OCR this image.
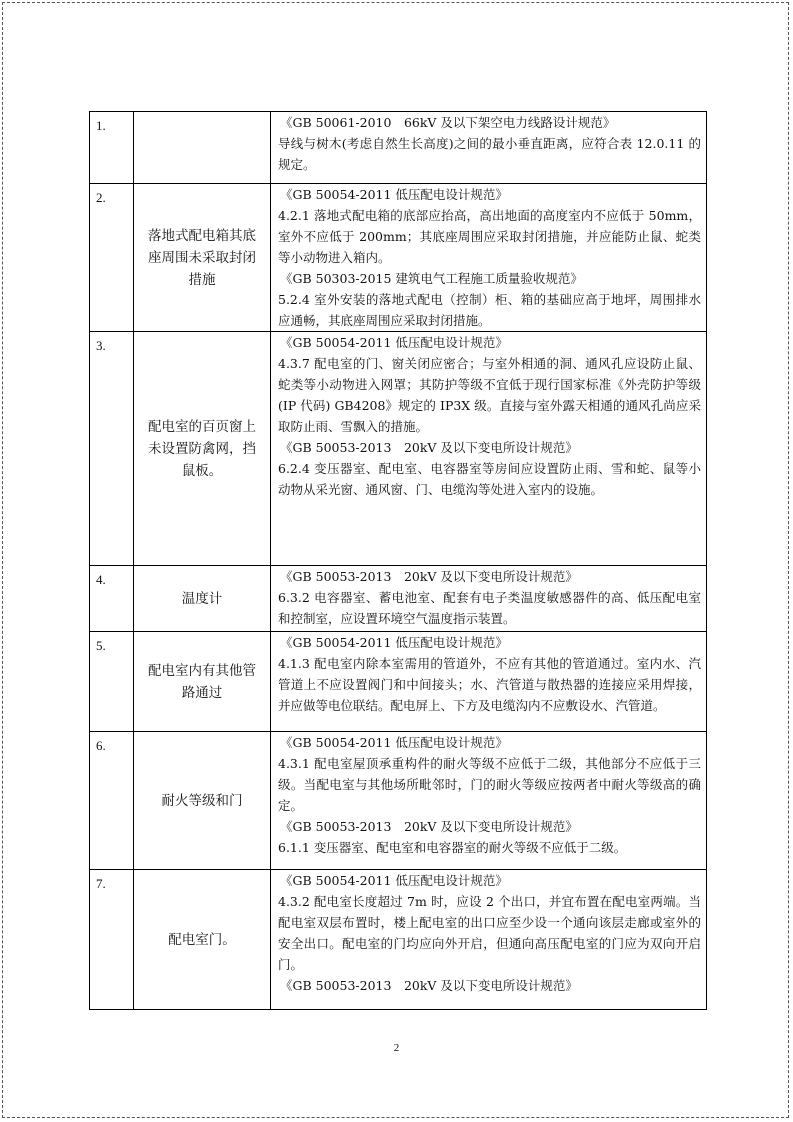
1.		《GB 50061-2010　66kV 及以下架空电力线路设计规范》
导线与树木(考虑自然生长高度)之间的最小垂直距离，应符合表 12.0.11 的规定。

2.	落地式配电箱其底座周围未采取封闭措施	《GB 50054-2011 低压配电设计规范》
4.2.1 落地式配电箱的底部应抬高，高出地面的高度室内不应低于 50mm，室外不应低于 200mm；其底座周围应采取封闭措施，并应能防止鼠、蛇类等小动物进入箱内。
《GB 50303-2015 建筑电气工程施工质量验收规范》
5.2.4 室外安装的落地式配电（控制）柜、箱的基础应高于地坪，周围排水应通畅，其底座周围应采取封闭措施。

3.	配电室的百页窗上未设置防禽网，挡鼠板。	《GB 50054-2011 低压配电设计规范》
4.3.7 配电室的门、窗关闭应密合；与室外相通的洞、通风孔应设防止鼠、蛇类等小动物进入网罩；其防护等级不宜低于现行国家标准《外壳防护等级(IP 代码) GB4208》规定的 IP3X 级。直接与室外露天相通的通风孔尚应采取防止雨、雪飘入的措施。
《GB 50053-2013　20kV 及以下变电所设计规范》
6.2.4 变压器室、配电室、电容器室等房间应设置防止雨、雪和蛇、鼠等小动物从采光窗、通风窗、门、电缆沟等处进入室内的设施。

4.	温度计	《GB 50053-2013　20kV 及以下变电所设计规范》
6.3.2 电容器室、蓄电池室、配套有电子类温度敏感器件的高、低压配电室和控制室，应设置环境空气温度指示装置。

5.	配电室内有其他管路通过	《GB 50054-2011 低压配电设计规范》
4.1.3 配电室内除本室需用的管道外，不应有其他的管道通过。室内水、汽管道上不应设置阀门和中间接头；水、汽管道与散热器的连接应采用焊接，并应做等电位联结。配电屏上、下方及电缆沟内不应敷设水、汽管道。

6.	耐火等级和门	《GB 50054-2011 低压配电设计规范》
4.3.1 配电室屋顶承重构件的耐火等级不应低于二级，其他部分不应低于三级。当配电室与其他场所毗邻时，门的耐火等级应按两者中耐火等级高的确定。
《GB 50053-2013　20kV 及以下变电所设计规范》
6.1.1 变压器室、配电室和电容器室的耐火等级不应低于二级。

7.	配电室门。	《GB 50054-2011 低压配电设计规范》
4.3.2 配电室长度超过 7m 时，应设 2 个出口，并宜布置在配电室两端。当配电室双层布置时，楼上配电室的出口应至少设一个通向该层走廊或室外的安全出口。配电室的门均应向外开启，但通向高压配电室的门应为双向开启门。
《GB 50053-2013　20kV 及以下变电所设计规范》
2
